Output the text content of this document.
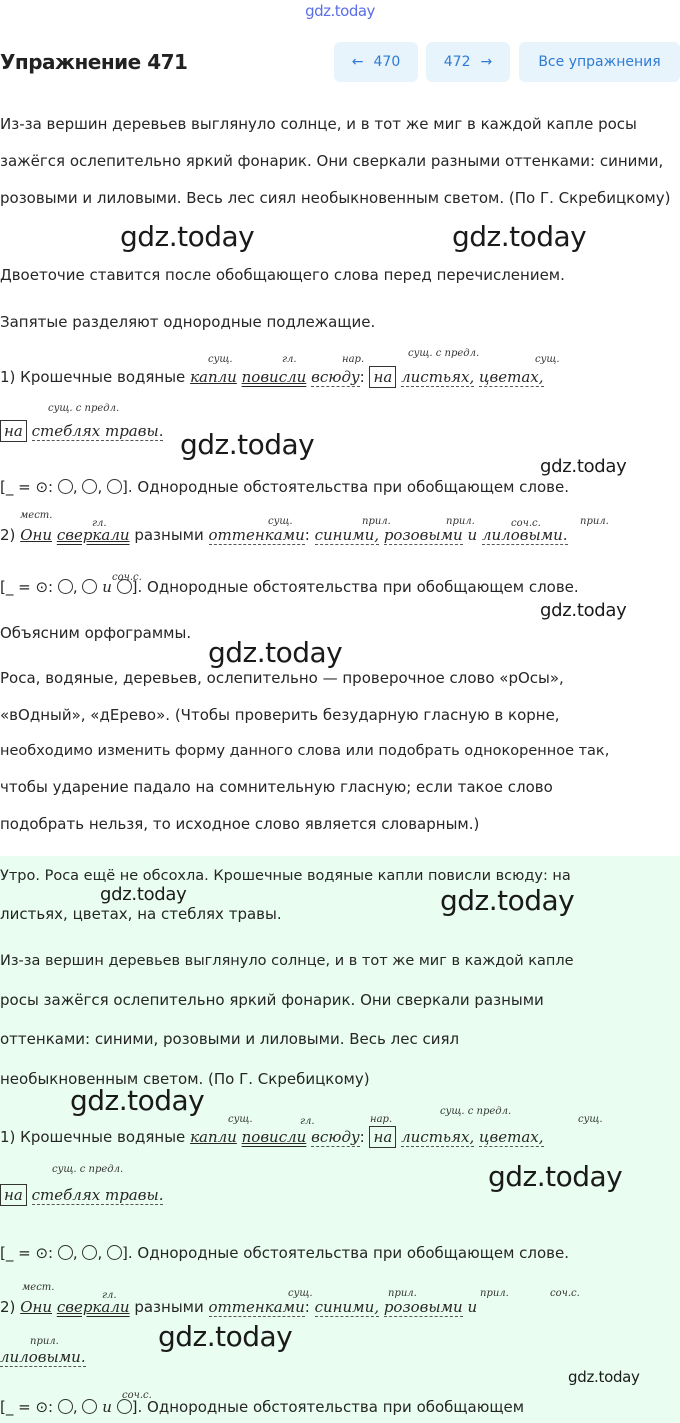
gdz.today
Упражнение 471	← 470	472 →	Все упражнения
Из-за вершин деревьев выглянуло солнце, и в тот же миг в каждой капле росы зажёгся ослепительно яркий фонарик. Они сверкали разными оттенками: синими, розовыми и лиловыми. Весь лес сиял необыкновенным светом. (По Г. Скребицкому)
Двоеточие ставится после обобщающего слова перед перечислением.
Запятые разделяют однородные подлежащие.
сущ.	гл.	нар.
сущ. с предл.
сущ.
1) Крошечные водяные капли повисли всюду: на листьях, цветах,
сущ. с предл.
на стеблях травы.
[_ = ⊙: , , ]. Однородные обстоятельства при обобщающем слове.
мест.
гл.	сущ.	прил.	прил.	соч.с.	прил.
2) Они сверкали разными оттенками: синими, розовыми и лиловыми.
соч.с.
[_ = ⊙: , и ]. Однородные обстоятельства при обобщающем слове.
Объясним орфограммы.
Роса, водяные, деревьев, ослепительно — проверочное слово «рОсы»,
«вОдный», «дЕрево». (Чтобы проверить безударную гласную в корне,
необходимо изменить форму данного слова или подобрать однокоренное так,
чтобы ударение падало на сомнительную гласную; если такое слово
подобрать нельзя, то исходное слово является словарным.)
Утро. Роса ещё не обсохла. Крошечные водяные капли повисли всюду: на
листьях, цветах, на стеблях травы.
Из-за вершин деревьев выглянуло солнце, и в тот же миг в каждой капле
росы зажёгся ослепительно яркий фонарик. Они сверкали разными
оттенками: синими, розовыми и лиловыми. Весь лес сиял
необыкновенным светом. (По Г. Скребицкому)
сущ.	гл.	нар.
сущ. с предл.
сущ.
1) Крошечные водяные капли повисли всюду: на листьях, цветах,
сущ. с предл.
на стеблях травы.
[_ = ⊙: , , ]. Однородные обстоятельства при обобщающем слове.
мест.
гл.	сущ.	прил.	прил.	соч.с.
2) Они сверкали разными оттенками: синими, розовыми и
прил.
лиловыми.
соч.с.
[_ = ⊙: , и ]. Однородные обстоятельства при обобщающем
gdz.today	gdz.today
gdz.today
gdz.today
gdz.today
gdz.today
gdz.today	gdz.today
gdz.today
gdz.today
gdz.today
gdz.today
